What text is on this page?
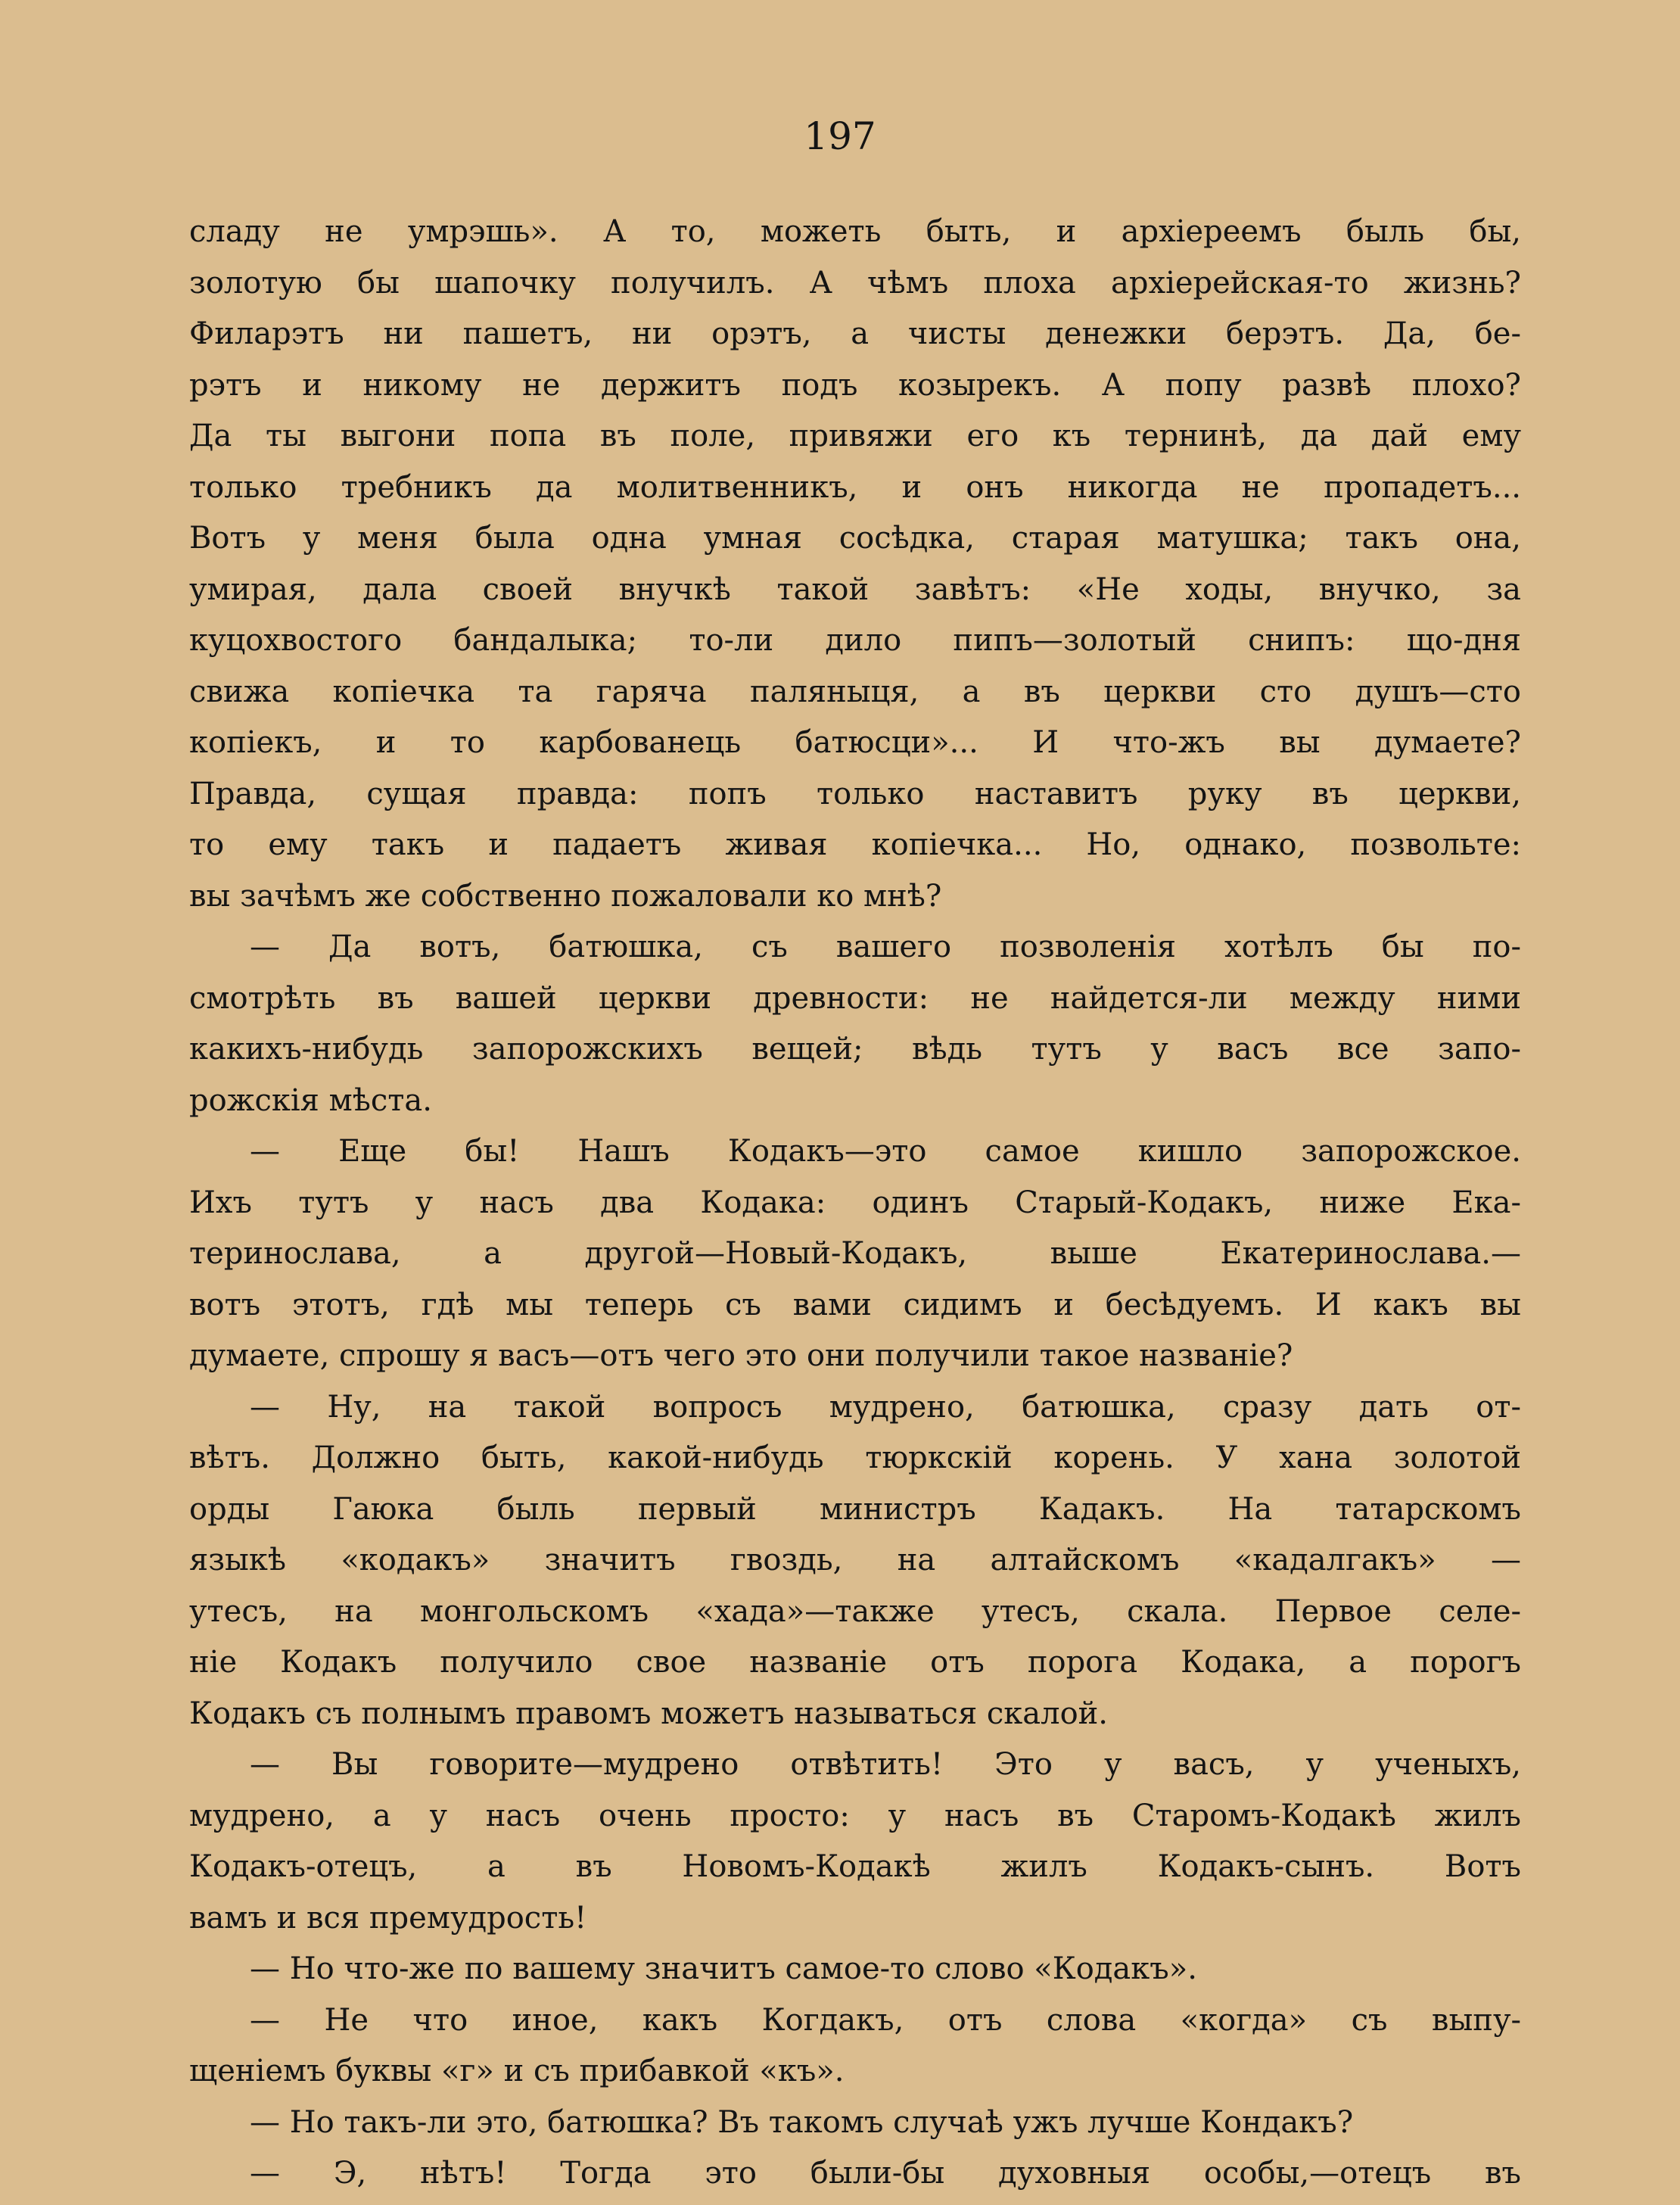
197
сладу не умрэшь». А то, можеть быть, и архіереемъ быль бы,
золотую бы шапочку получилъ. А чѣмъ плоха архіерейская-то жизнь?
Филарэтъ ни пашетъ, ни орэтъ, а чисты денежки берэтъ. Да, бе-
рэтъ и никому не держитъ подъ козырекъ. А попу развѣ плохо?
Да ты выгони попа въ поле, привяжи его къ тернинѣ, да дай ему
только требникъ да молитвенникъ, и онъ никогда не пропадетъ...
Вотъ у меня была одна умная сосѣдка, старая матушка; такъ она,
умирая, дала своей внучкѣ такой завѣтъ: «Не ходы, внучко, за
куцохвостого бандалыка; то-ли дило пипъ—золотый снипъ: що-дня
свижа копiечка та гаряча паляныця, а въ церкви сто душъ—сто
копiекъ, и то карбованець батюсци»... И что-жъ вы думаете?
Правда, сущая правда: попъ только наставитъ руку въ церкви,
то ему такъ и падаетъ живая копiечка... Но, однако, позвольте:
вы зачѣмъ же собственно пожаловали ко мнѣ?
— Да вотъ, батюшка, съ вашего позволенiя хотѣлъ бы по-
смотрѣть въ вашей церкви древности: не найдется-ли между ними
какихъ-нибудь запорожскихъ вещей; вѣдь тутъ у васъ все запо-
рожскiя мѣста.
— Еще бы! Нашъ Кодакъ—это самое кишло запорожское.
Ихъ тутъ у насъ два Кодака: одинъ Старый-Кодакъ, ниже Ека-
теринослава, а другой—Новый-Кодакъ, выше Екатеринослава.—
вотъ этотъ, гдѣ мы теперь съ вами сидимъ и бесѣдуемъ. И какъ вы
думаете, спрошу я васъ—отъ чего это они получили такое названiе?
— Ну, на такой вопросъ мудрено, батюшка, сразу дать от-
вѣтъ. Должно быть, какой-нибудь тюркскiй корень. У хана золотой
орды Гаюка быль первый министръ Кадакъ. На татарскомъ
языкѣ «кодакъ» значитъ гвоздь, на алтайскомъ «кадалгакъ» —
утесъ, на монгольскомъ «хада»—также утесъ, скала. Первое селе-
нiе Кодакъ получило свое названiе отъ порога Кодака, а порогъ
Кодакъ съ полнымъ правомъ можетъ называться скалой.
— Вы говорите—мудрено отвѣтить! Это у васъ, у ученыхъ,
мудрено, а у насъ очень просто: у насъ въ Старомъ-Кодакѣ жилъ
Кодакъ-отецъ, а въ Новомъ-Кодакѣ жилъ Кодакъ-сынъ. Вотъ
вамъ и вся премудрость!
— Но что-же по вашему значитъ самое-то слово «Кодакъ».
— Не что иное, какъ Когдакъ, отъ слова «когда» съ выпу-
щенiемъ буквы «г» и съ прибавкой «къ».
— Но такъ-ли это, батюшка? Въ такомъ случаѣ ужъ лучше Кондакъ?
— Э, нѣтъ! Тогда это были-бы духовныя особы,—отецъ въ
